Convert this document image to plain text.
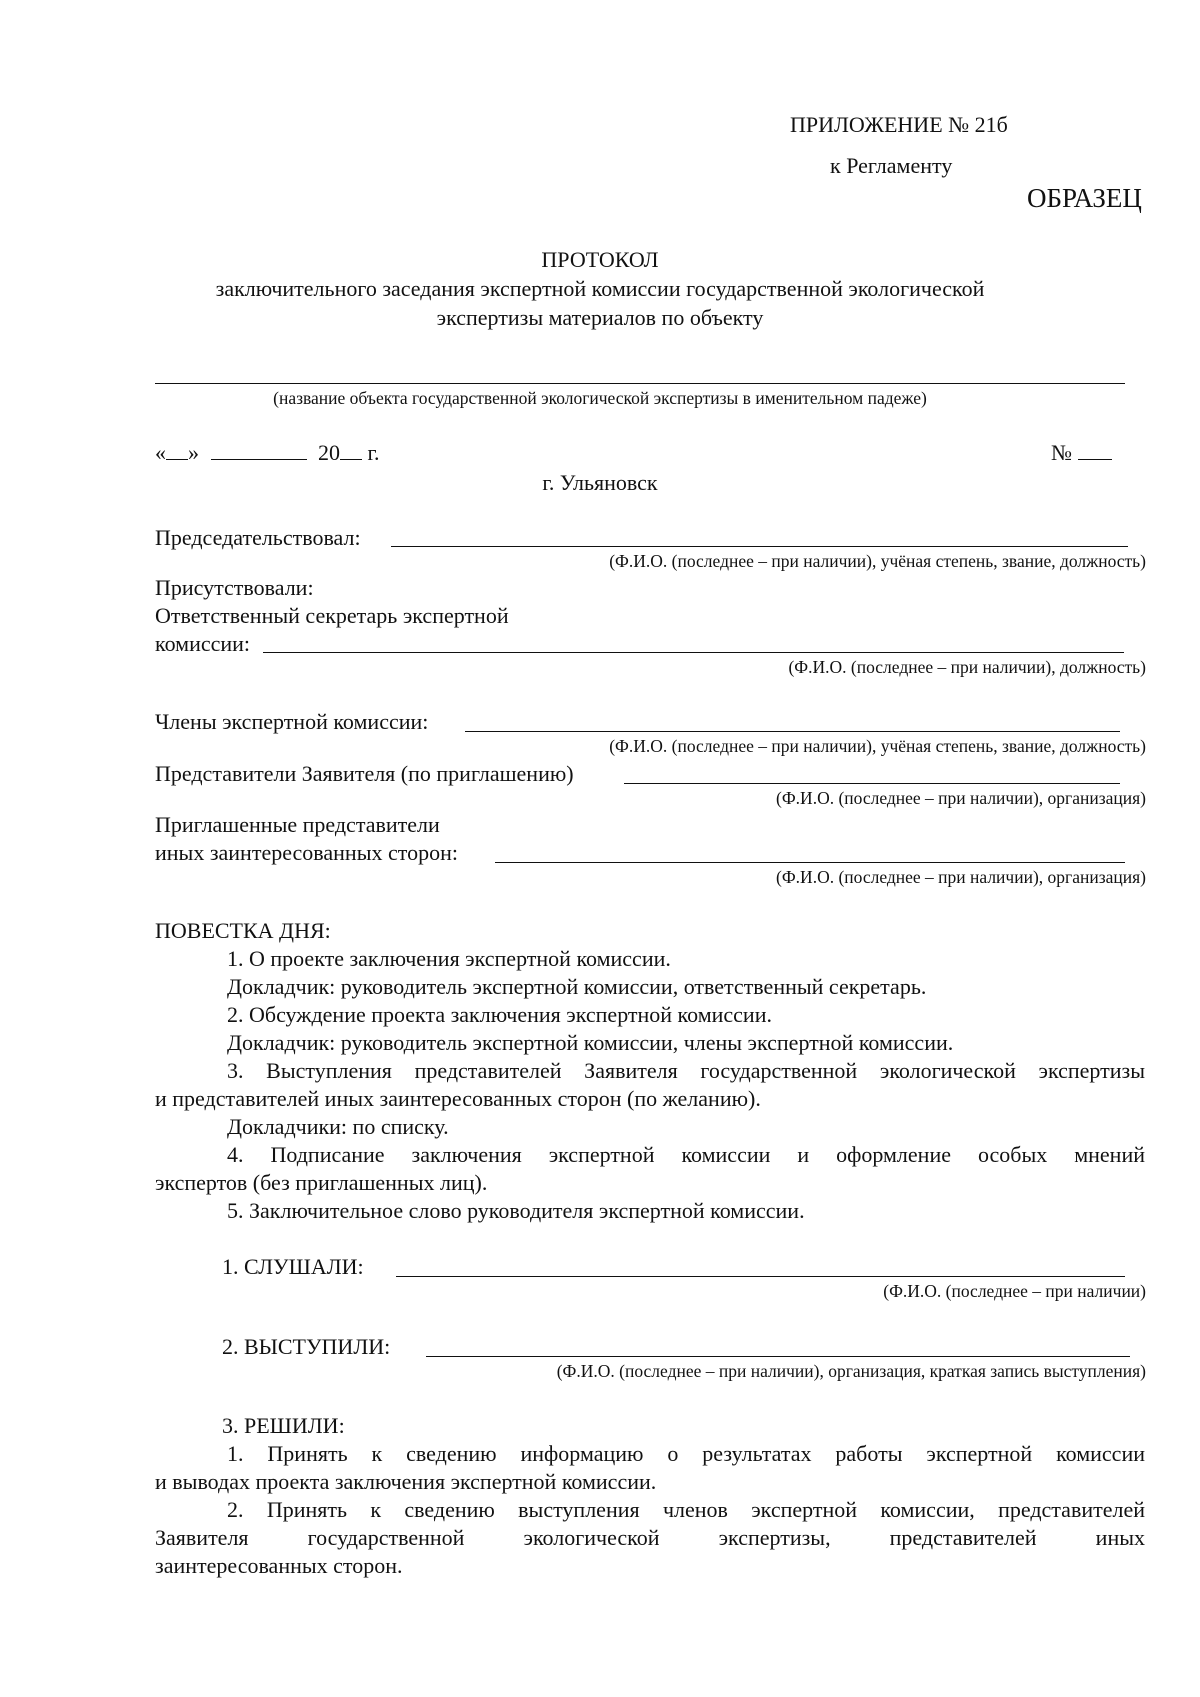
ПРИЛОЖЕНИЕ № 21б
к Регламенту
ОБРАЗЕЦ
ПРОТОКОЛ
заключительного заседания экспертной комиссии государственной экологической
экспертизы материалов по объекту
(название объекта государственной экологической экспертизы в именительном падеже)
« »	20 г.	№
г. Ульяновск
Председательствовал:
(Ф.И.О. (последнее – при наличии), учёная степень, звание, должность)
Присутствовали:
Ответственный секретарь экспертной
комиссии:
(Ф.И.О. (последнее – при наличии), должность)
Члены экспертной комиссии:
(Ф.И.О. (последнее – при наличии), учёная степень, звание, должность)
Представители Заявителя (по приглашению)
(Ф.И.О. (последнее – при наличии), организация)
Приглашенные представители
иных заинтересованных сторон:
(Ф.И.О. (последнее – при наличии), организация)
ПОВЕСТКА ДНЯ:
1. О проекте заключения экспертной комиссии.
Докладчик: руководитель экспертной комиссии, ответственный секретарь.
2. Обсуждение проекта заключения экспертной комиссии.
Докладчик: руководитель экспертной комиссии, члены экспертной комиссии.
3. Выступления представителей Заявителя государственной экологической экспертизы
и представителей иных заинтересованных сторон (по желанию).
Докладчики: по списку.
4. Подписание заключения экспертной комиссии и оформление особых мнений
экспертов (без приглашенных лиц).
5. Заключительное слово руководителя экспертной комиссии.
1. СЛУШАЛИ:
(Ф.И.О. (последнее – при наличии)
2. ВЫСТУПИЛИ:
(Ф.И.О. (последнее – при наличии), организация, краткая запись выступления)
3. РЕШИЛИ:
1. Принять к сведению информацию о результатах работы экспертной комиссии
и выводах проекта заключения экспертной комиссии.
2. Принять к сведению выступления членов экспертной комиссии, представителей
Заявителя государственной экологической экспертизы, представителей иных
заинтересованных сторон.
